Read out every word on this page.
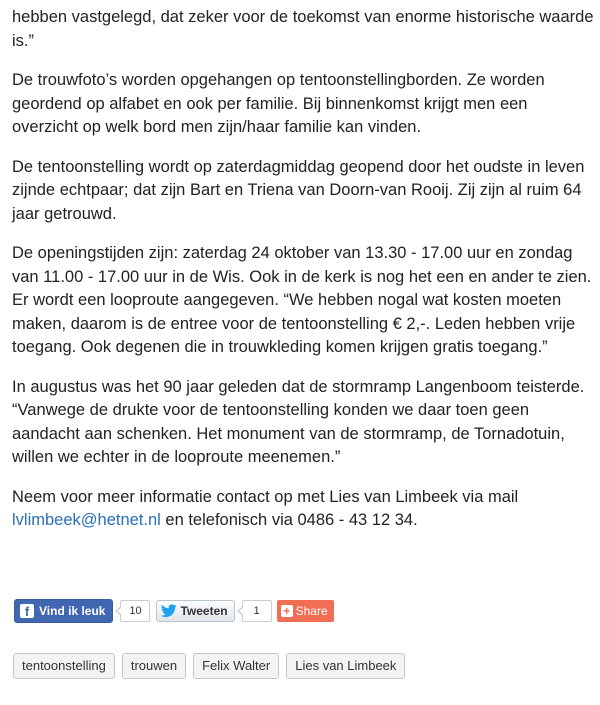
hebben vastgelegd, dat zeker voor de toekomst van enorme historische waarde is.”

De trouwfoto’s worden opgehangen op tentoonstellingborden. Ze worden geordend op alfabet en ook per familie. Bij binnenkomst krijgt men een overzicht op welk bord men zijn/haar familie kan vinden.

De tentoonstelling wordt op zaterdagmiddag geopend door het oudste in leven zijnde echtpaar; dat zijn Bart en Triena van Doorn-van Rooij. Zij zijn al ruim 64 jaar getrouwd.

De openingstijden zijn: zaterdag 24 oktober van 13.30 - 17.00 uur en zondag van 11.00 - 17.00 uur in de Wis. Ook in de kerk is nog het een en ander te zien. Er wordt een looproute aangegeven. “We hebben nogal wat kosten moeten maken, daarom is de entree voor de tentoonstelling € 2,-. Leden hebben vrije toegang. Ook degenen die in trouwkleding komen krijgen gratis toegang.”

In augustus was het 90 jaar geleden dat de stormramp Langenboom teisterde. “Vanwege de drukte voor de tentoonstelling konden we daar toen geen aandacht aan schenken. Het monument van de stormramp, de Tornadotuin, willen we echter in de looproute meenemen.”

Neem voor meer informatie contact op met Lies van Limbeek via mail lvlimbeek@hetnet.nl en telefonisch via 0486 - 43 12 34.

f Vind ik leuk	10	Tweeten	1	+ Share
tentoonstelling	trouwen	Felix Walter	Lies van Limbeek
